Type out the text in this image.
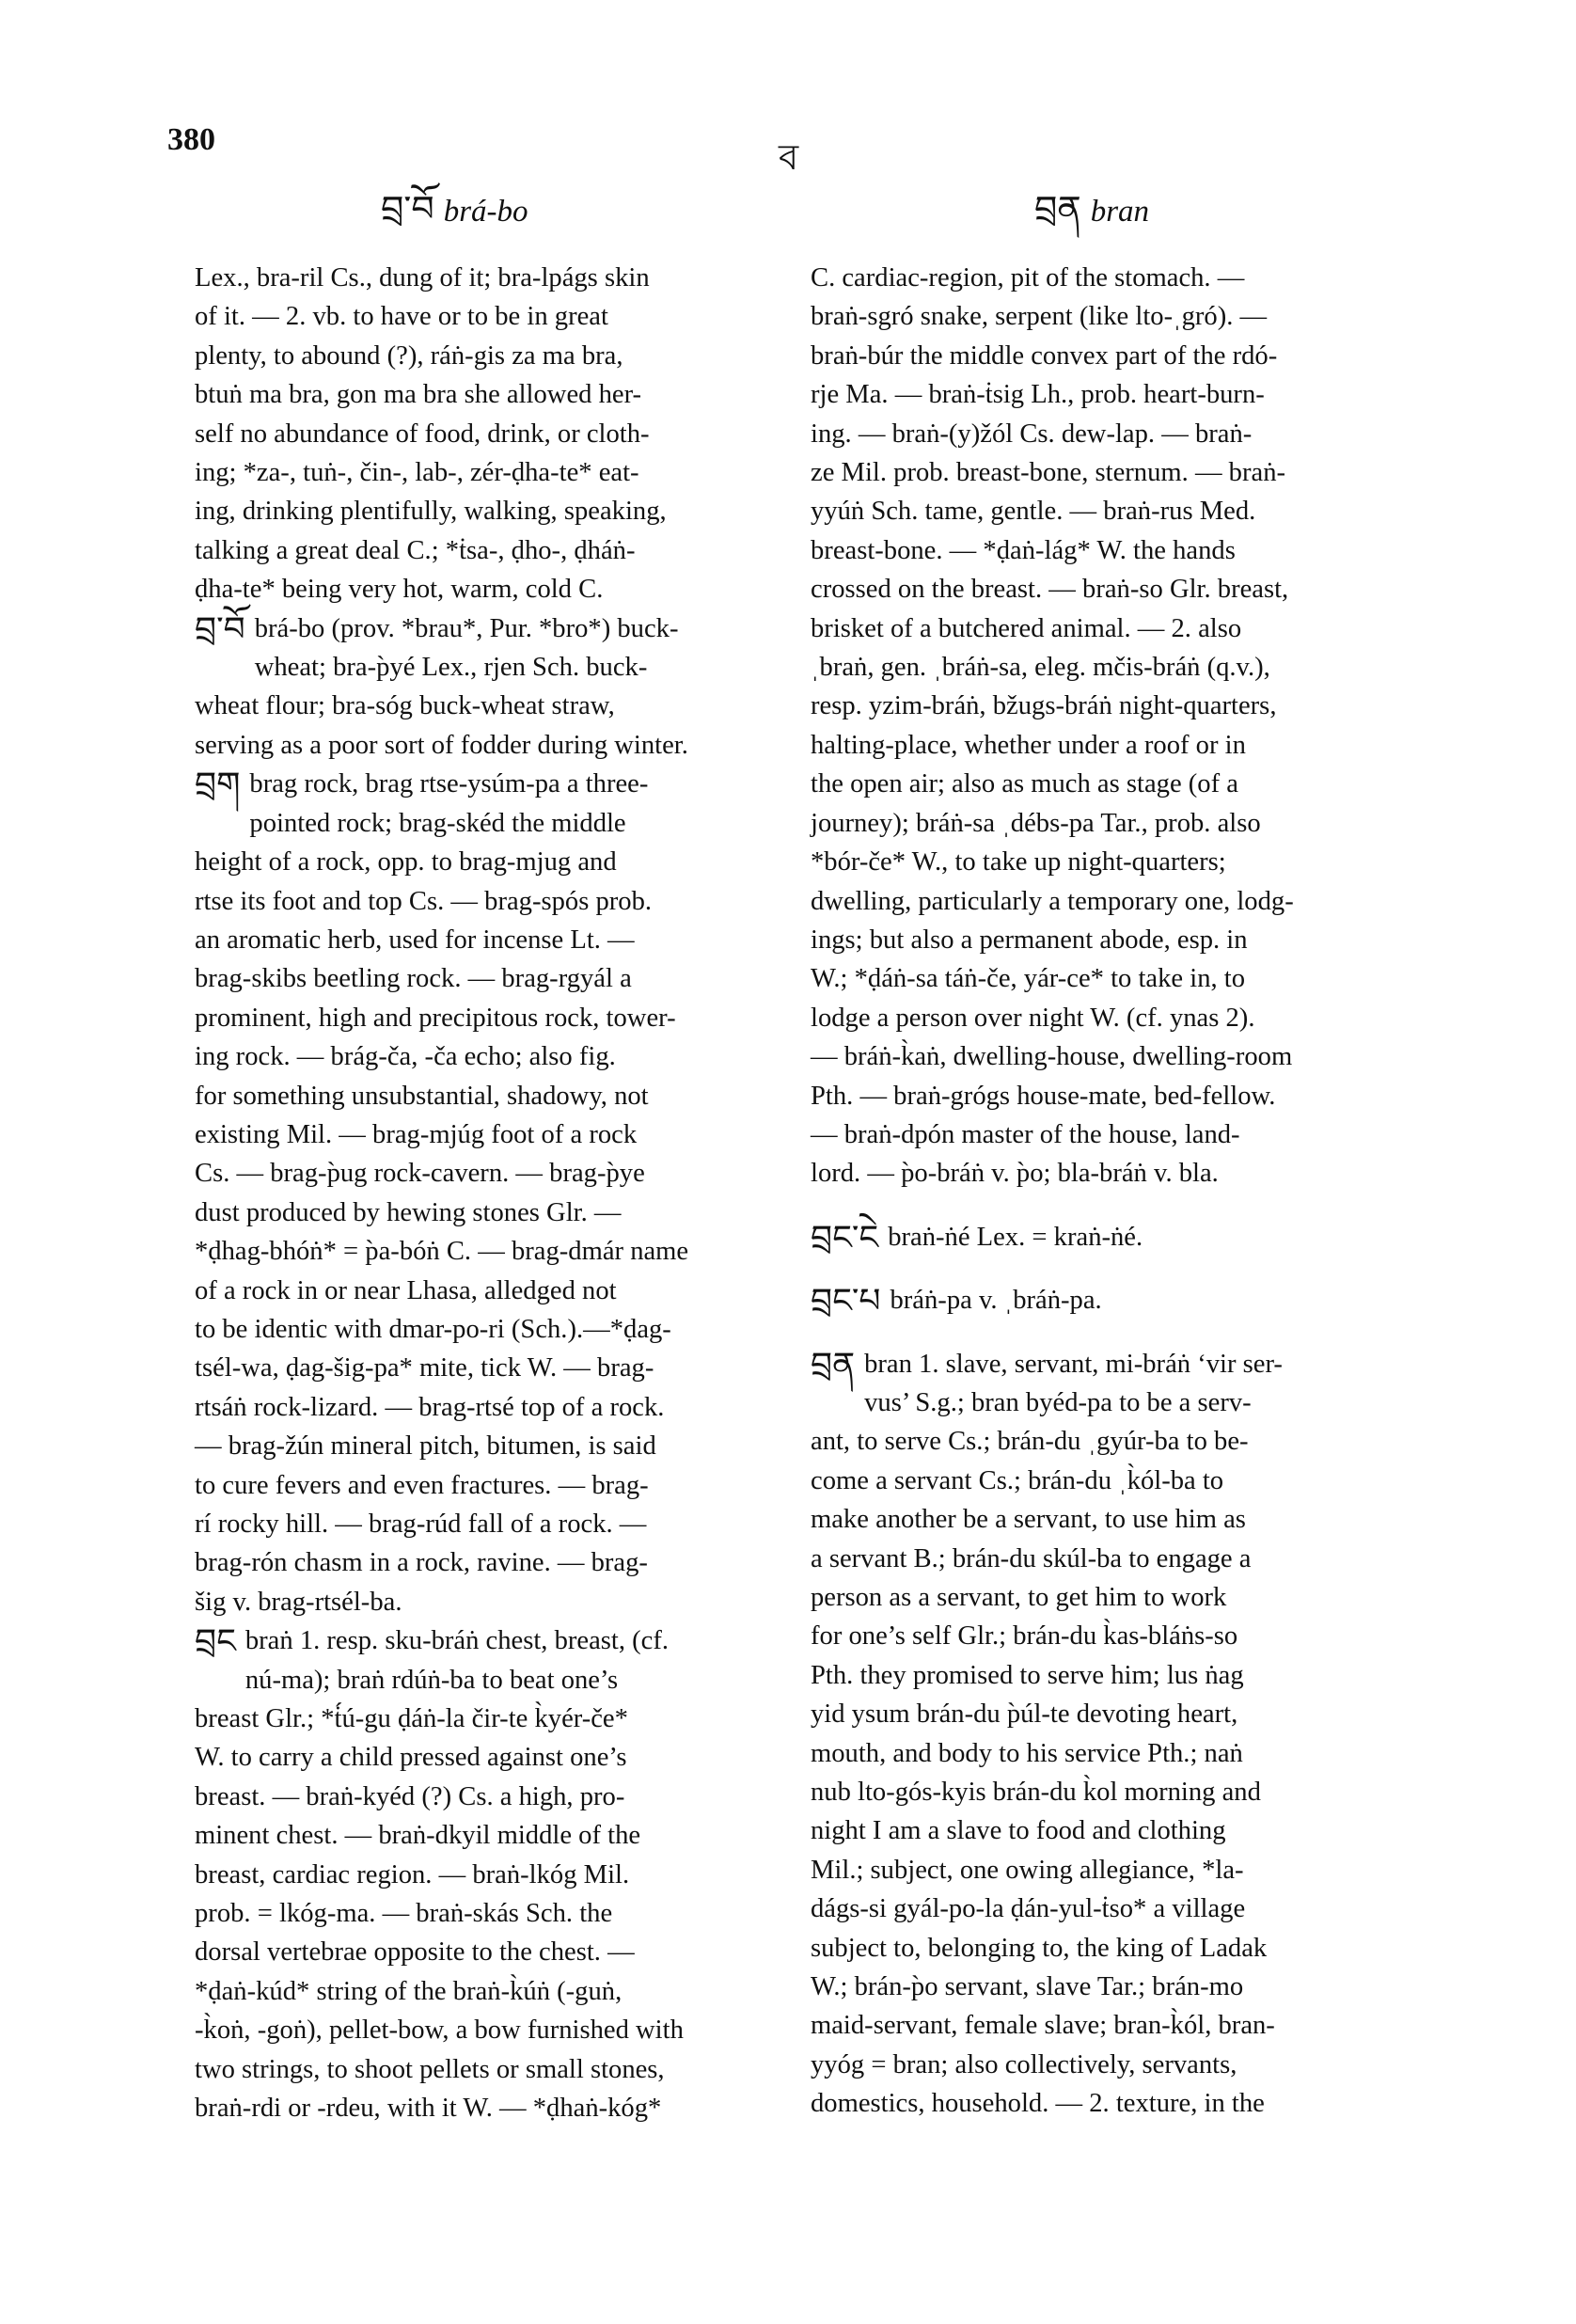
380
བྲ་བོ brá-bo
ব
བྲན bran
Lex., bra-ril Cs., dung of it; bra-lpágs skin
of it. — 2. vb. to have or to be in great
plenty, to abound (?), ráṅ-gis za ma bra,
btuṅ ma bra, gon ma bra she allowed her-
self no abundance of food, drink, or cloth-
ing; *za-, tuṅ-, čin-, lab-, zér-ḍha-te* eat-
ing, drinking plentifully, walking, speaking,
talking a great deal C.; *ṫsa-, ḍho-, ḍháṅ-
ḍha-te* being very hot, warm, cold C.
བྲ་བོ brá-bo (prov. *brau*, Pur. *bro*) buck-
wheat; bra-p̀yé Lex., rjen Sch. buck-
wheat flour; bra-sóg buck-wheat straw,
serving as a poor sort of fodder during winter.
བྲག brag rock, brag rtse-ysúm-pa a three-
pointed rock; brag-skéd the middle
height of a rock, opp. to brag-mjug and
rtse its foot and top Cs. — brag-spós prob.
an aromatic herb, used for incense Lt. —
brag-skibs beetling rock. — brag-rgyál a
prominent, high and precipitous rock, tower-
ing rock. — brág-ča, -ča echo; also fig.
for something unsubstantial, shadowy, not
existing Mil. — brag-mjúg foot of a rock
Cs. — brag-p̀ug rock-cavern. — brag-p̀ye
dust produced by hewing stones Glr. —
*ḍhag-bhóṅ* = p̀a-bóṅ C. — brag-dmár name
of a rock in or near Lhasa, alledged not
to be identic with dmar-po-ri (Sch.).—*ḍag-
tsél-wa, ḍag-šig-pa* mite, tick W. — brag-
rtsáṅ rock-lizard. — brag-rtsé top of a rock.
— brag-žún mineral pitch, bitumen, is said
to cure fevers and even fractures. — brag-
rí rocky hill. — brag-rúd fall of a rock. —
brag-rón chasm in a rock, ravine. — brag-
šig v. brag-rtsél-ba.
བྲང braṅ 1. resp. sku-bráṅ chest, breast, (cf.
nú-ma); braṅ rdúṅ-ba to beat one’s
breast Glr.; *ṫ́ú-gu ḍáṅ-la čir-te k̀yér-če*
W. to carry a child pressed against one’s
breast. — braṅ-kyéd (?) Cs. a high, pro-
minent chest. — braṅ-dkyil middle of the
breast, cardiac region. — braṅ-lkóg Mil.
prob. = lkóg-ma. — braṅ-skás Sch. the
dorsal vertebrae opposite to the chest. —
*ḍaṅ-kúd* string of the braṅ-k̀úṅ (-guṅ,
-k̀oṅ, -goṅ), pellet-bow, a bow furnished with
two strings, to shoot pellets or small stones,
braṅ-rdi or -rdeu, with it W. — *ḍhaṅ-kóg*
C. cardiac-region, pit of the stomach. —
braṅ-sgró snake, serpent (like lto-ˌgró). —
braṅ-búr the middle convex part of the rdó-
rje Ma. — braṅ-ṫsig Lh., prob. heart-burn-
ing. — braṅ-(y)žól Cs. dew-lap. — braṅ-
ze Mil. prob. breast-bone, sternum. — braṅ-
yyúṅ Sch. tame, gentle. — braṅ-rus Med.
breast-bone. — *ḍaṅ-lág* W. the hands
crossed on the breast. — braṅ-so Glr. breast,
brisket of a butchered animal. — 2. also
ˌbraṅ, gen. ˌbráṅ-sa, eleg. mčis-bráṅ (q.v.),
resp. yzim-bráṅ, bžugs-bráṅ night-quarters,
halting-place, whether under a roof or in
the open air; also as much as stage (of a
journey); bráṅ-sa ˌdébs-pa Tar., prob. also
*bór-če* W., to take up night-quarters;
dwelling, particularly a temporary one, lodg-
ings; but also a permanent abode, esp. in
W.; *ḍáṅ-sa táṅ-če, yár-ce* to take in, to
lodge a person over night W. (cf. ynas 2).
— bráṅ-k̀aṅ, dwelling-house, dwelling-room
Pth. — braṅ-grógs house-mate, bed-fellow.
— braṅ-dpón master of the house, land-
lord. — p̀o-bráṅ v. p̀o; bla-bráṅ v. bla.
བྲང་ངེ braṅ-ṅé Lex. = kraṅ-ṅé.

བྲང་པ bráṅ-pa v. ˌbráṅ-pa.

བྲན bran 1. slave, servant, mi-bráṅ ‘vir ser-
vus’ S.g.; bran byéd-pa to be a serv-
ant, to serve Cs.; brán-du ˌgyúr-ba to be-
come a servant Cs.; brán-du ˌk̀ól-ba to
make another be a servant, to use him as
a servant B.; brán-du skúl-ba to engage a
person as a servant, to get him to work
for one’s self Glr.; brán-du k̀as-bláṅs-so
Pth. they promised to serve him; lus ṅag
yid ysum brán-du p̀úl-te devoting heart,
mouth, and body to his service Pth.; naṅ
nub lto-gós-kyis brán-du k̀ol morning and
night I am a slave to food and clothing
Mil.; subject, one owing allegiance, *la-
dágs-si gyál-po-la ḍán-yul-ṫso* a village
subject to, belonging to, the king of Ladak
W.; brán-p̀o servant, slave Tar.; brán-mo
maid-servant, female slave; bran-k̀ól, bran-
yyóg = bran; also collectively, servants,
domestics, household. — 2. texture, in the
